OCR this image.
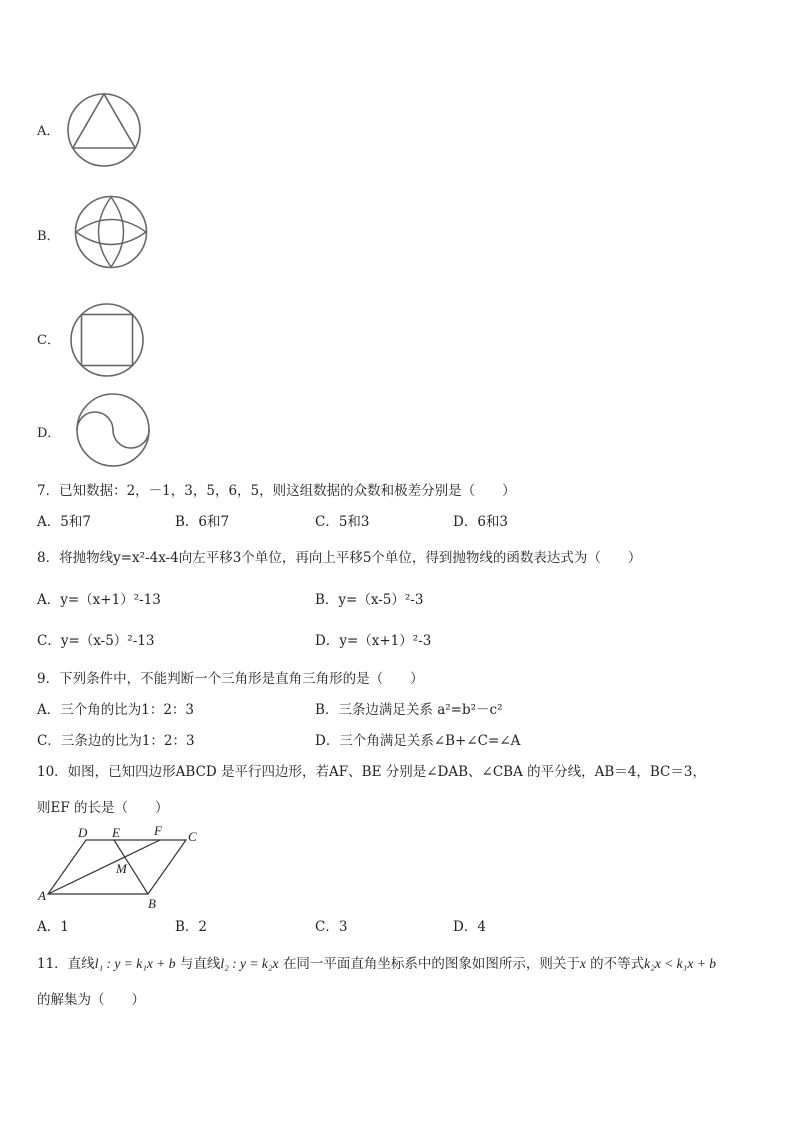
A．
B．
C．
D．
7．已知数据：2，－1，3，5，6，5，则这组数据的众数和极差分别是（　　）
A．5和7	B．6和7	C．5和3	D．6和3
8．将抛物线y=x²-4x-4向左平移3个单位，再向上平移5个单位，得到抛物线的函数表达式为（　　）
A．y=（x+1）²-13	B．y=（x-5）²-3
C．y=（x-5）²-13	D．y=（x+1）²-3
9．下列条件中，不能判断一个三角形是直角三角形的是（　　）
A．三个角的比为1：2：3	B．三条边满足关系 a²=b²－c²
C．三条边的比为1：2：3	D．三个角满足关系∠B+∠C=∠A
10．如图，已知四边形ABCD 是平行四边形，若AF、BE 分别是∠DAB、∠CBA 的平分线，AB＝4，BC＝3，
则EF 的长是（　　）
D E	F C
M
A
B
A．1	B．2	C．3	D．4
11．直线l₁ : y = k₁x + b 与直线l₂ : y = k₂x 在同一平面直角坐标系中的图象如图所示，则关于x 的不等式k₂x < k₁x + b
的解集为（　　）
